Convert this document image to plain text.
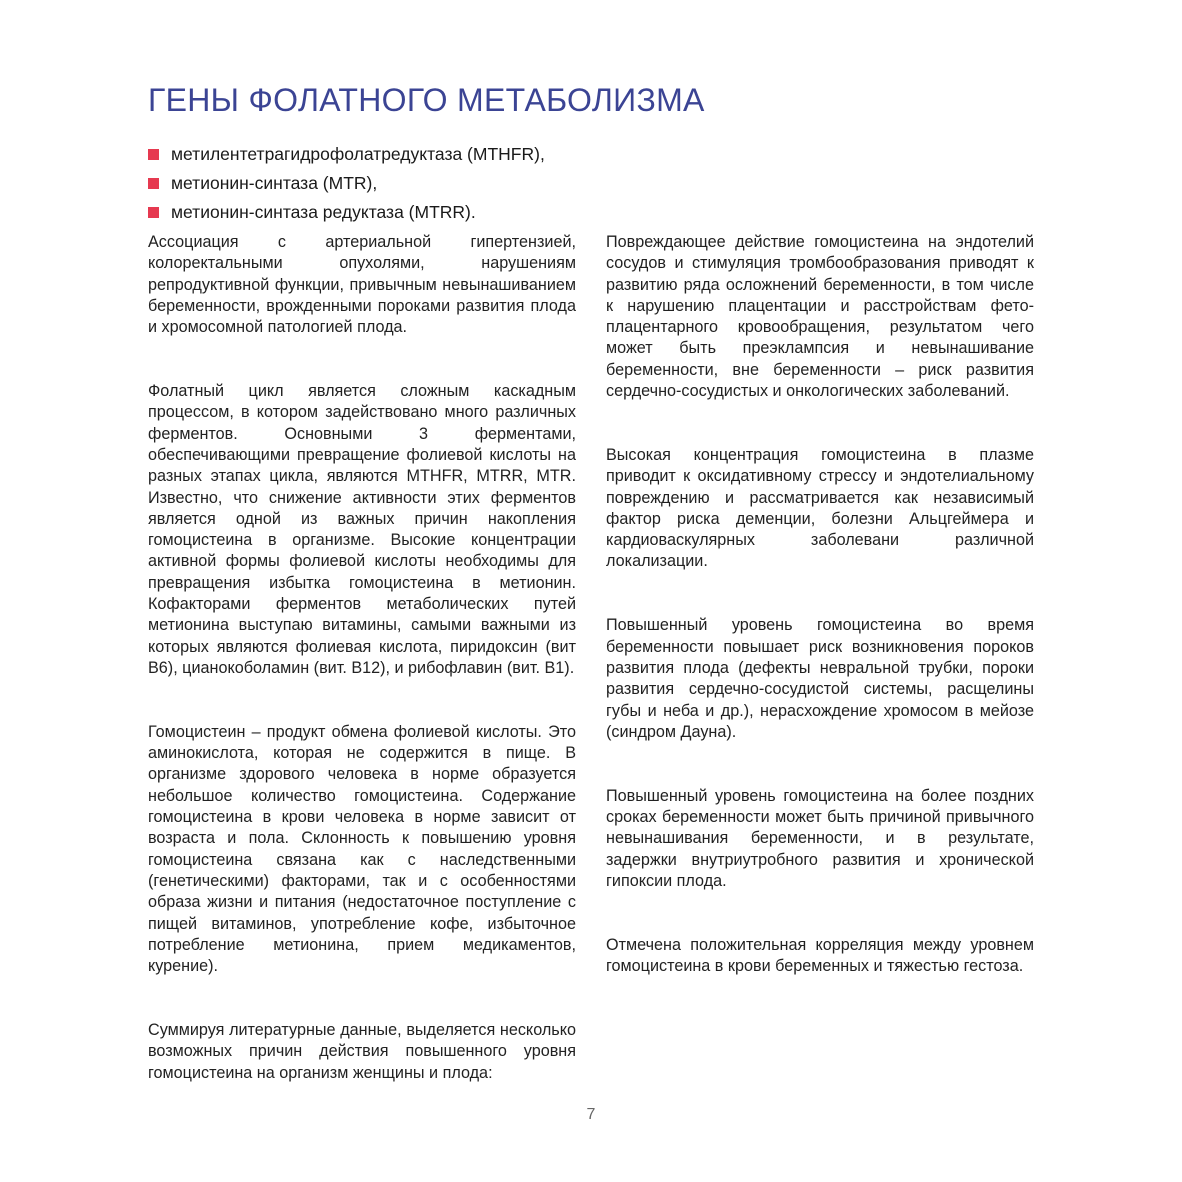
ГЕНЫ ФОЛАТНОГО МЕТАБОЛИЗМА
метилентетрагидрофолатредуктаза (MTHFR),
метионин-синтаза (MTR),
метионин-синтаза редуктаза (MTRR).

Ассоциация с артериальной гипертензией, колоректальными опухолями, нарушениям репродуктивной функции, привычным невынашиванием беременности, врожденными пороками развития плода и хромосомной патологией плода.

Фолатный цикл является сложным каскадным процессом, в котором задействовано много различных ферментов. Основными 3 ферментами, обеспечивающими превращение фолиевой кислоты на разных этапах цикла, являются MTHFR, MTRR, MTR. Известно, что снижение активности этих ферментов является одной из важных причин накопления гомоцистеина в организме. Высокие концентрации активной формы фолиевой кислоты необходимы для превращения избытка гомоцистеина в метионин. Кофакторами ферментов метаболических путей метионина выступаю витамины, самыми важными из которых являются фолиевая кислота, пиридоксин (вит В6), цианокоболамин (вит. В12), и рибофлавин (вит. В1).

Гомоцистеин – продукт обмена фолиевой кислоты. Это аминокислота, которая не содержится в пище. В организме здорового человека в норме образуется небольшое количество гомоцистеина. Содержание гомоцистеина в крови человека в норме зависит от возраста и пола. Склонность к повышению уровня гомоцистеина связана как с наследственными (генетическими) факторами, так и с особенностями образа жизни и питания (недостаточное поступление с пищей витаминов, употребление кофе, избыточное потребление метионина, прием медикаментов, курение).

Суммируя литературные данные, выделяется несколько возможных причин действия повышенного уровня гомоцистеина на организм женщины и плода:

Повреждающее действие гомоцистеина на эндотелий сосудов и стимуляция тромбообразования приводят к развитию ряда осложнений беременности, в том числе к нарушению плацентации и расстройствам фето-плацентарного кровообращения, результатом чего может быть преэклампсия и невынашивание беременности, вне беременности – риск развития сердечно-сосудистых и онкологических заболеваний.

Высокая концентрация гомоцистеина в плазме приводит к оксидативному стрессу и эндотелиальному повреждению и рассматривается как независимый фактор риска деменции, болезни Альцгеймера и кардиоваскулярных заболевани различной локализации.

Повышенный уровень гомоцистеина во время беременности повышает риск возникновения пороков развития плода (дефекты невральной трубки, пороки развития сердечно-сосудистой системы, расщелины губы и неба и др.), нерасхождение хромосом в мейозе (синдром Дауна).

Повышенный уровень гомоцистеина на более поздних сроках беременности может быть причиной привычного невынашивания беременности, и в результате, задержки внутриутробного развития и хронической гипоксии плода.

Отмечена положительная корреляция между уровнем гомоцистеина в крови беременных и тяжестью гестоза.

7
